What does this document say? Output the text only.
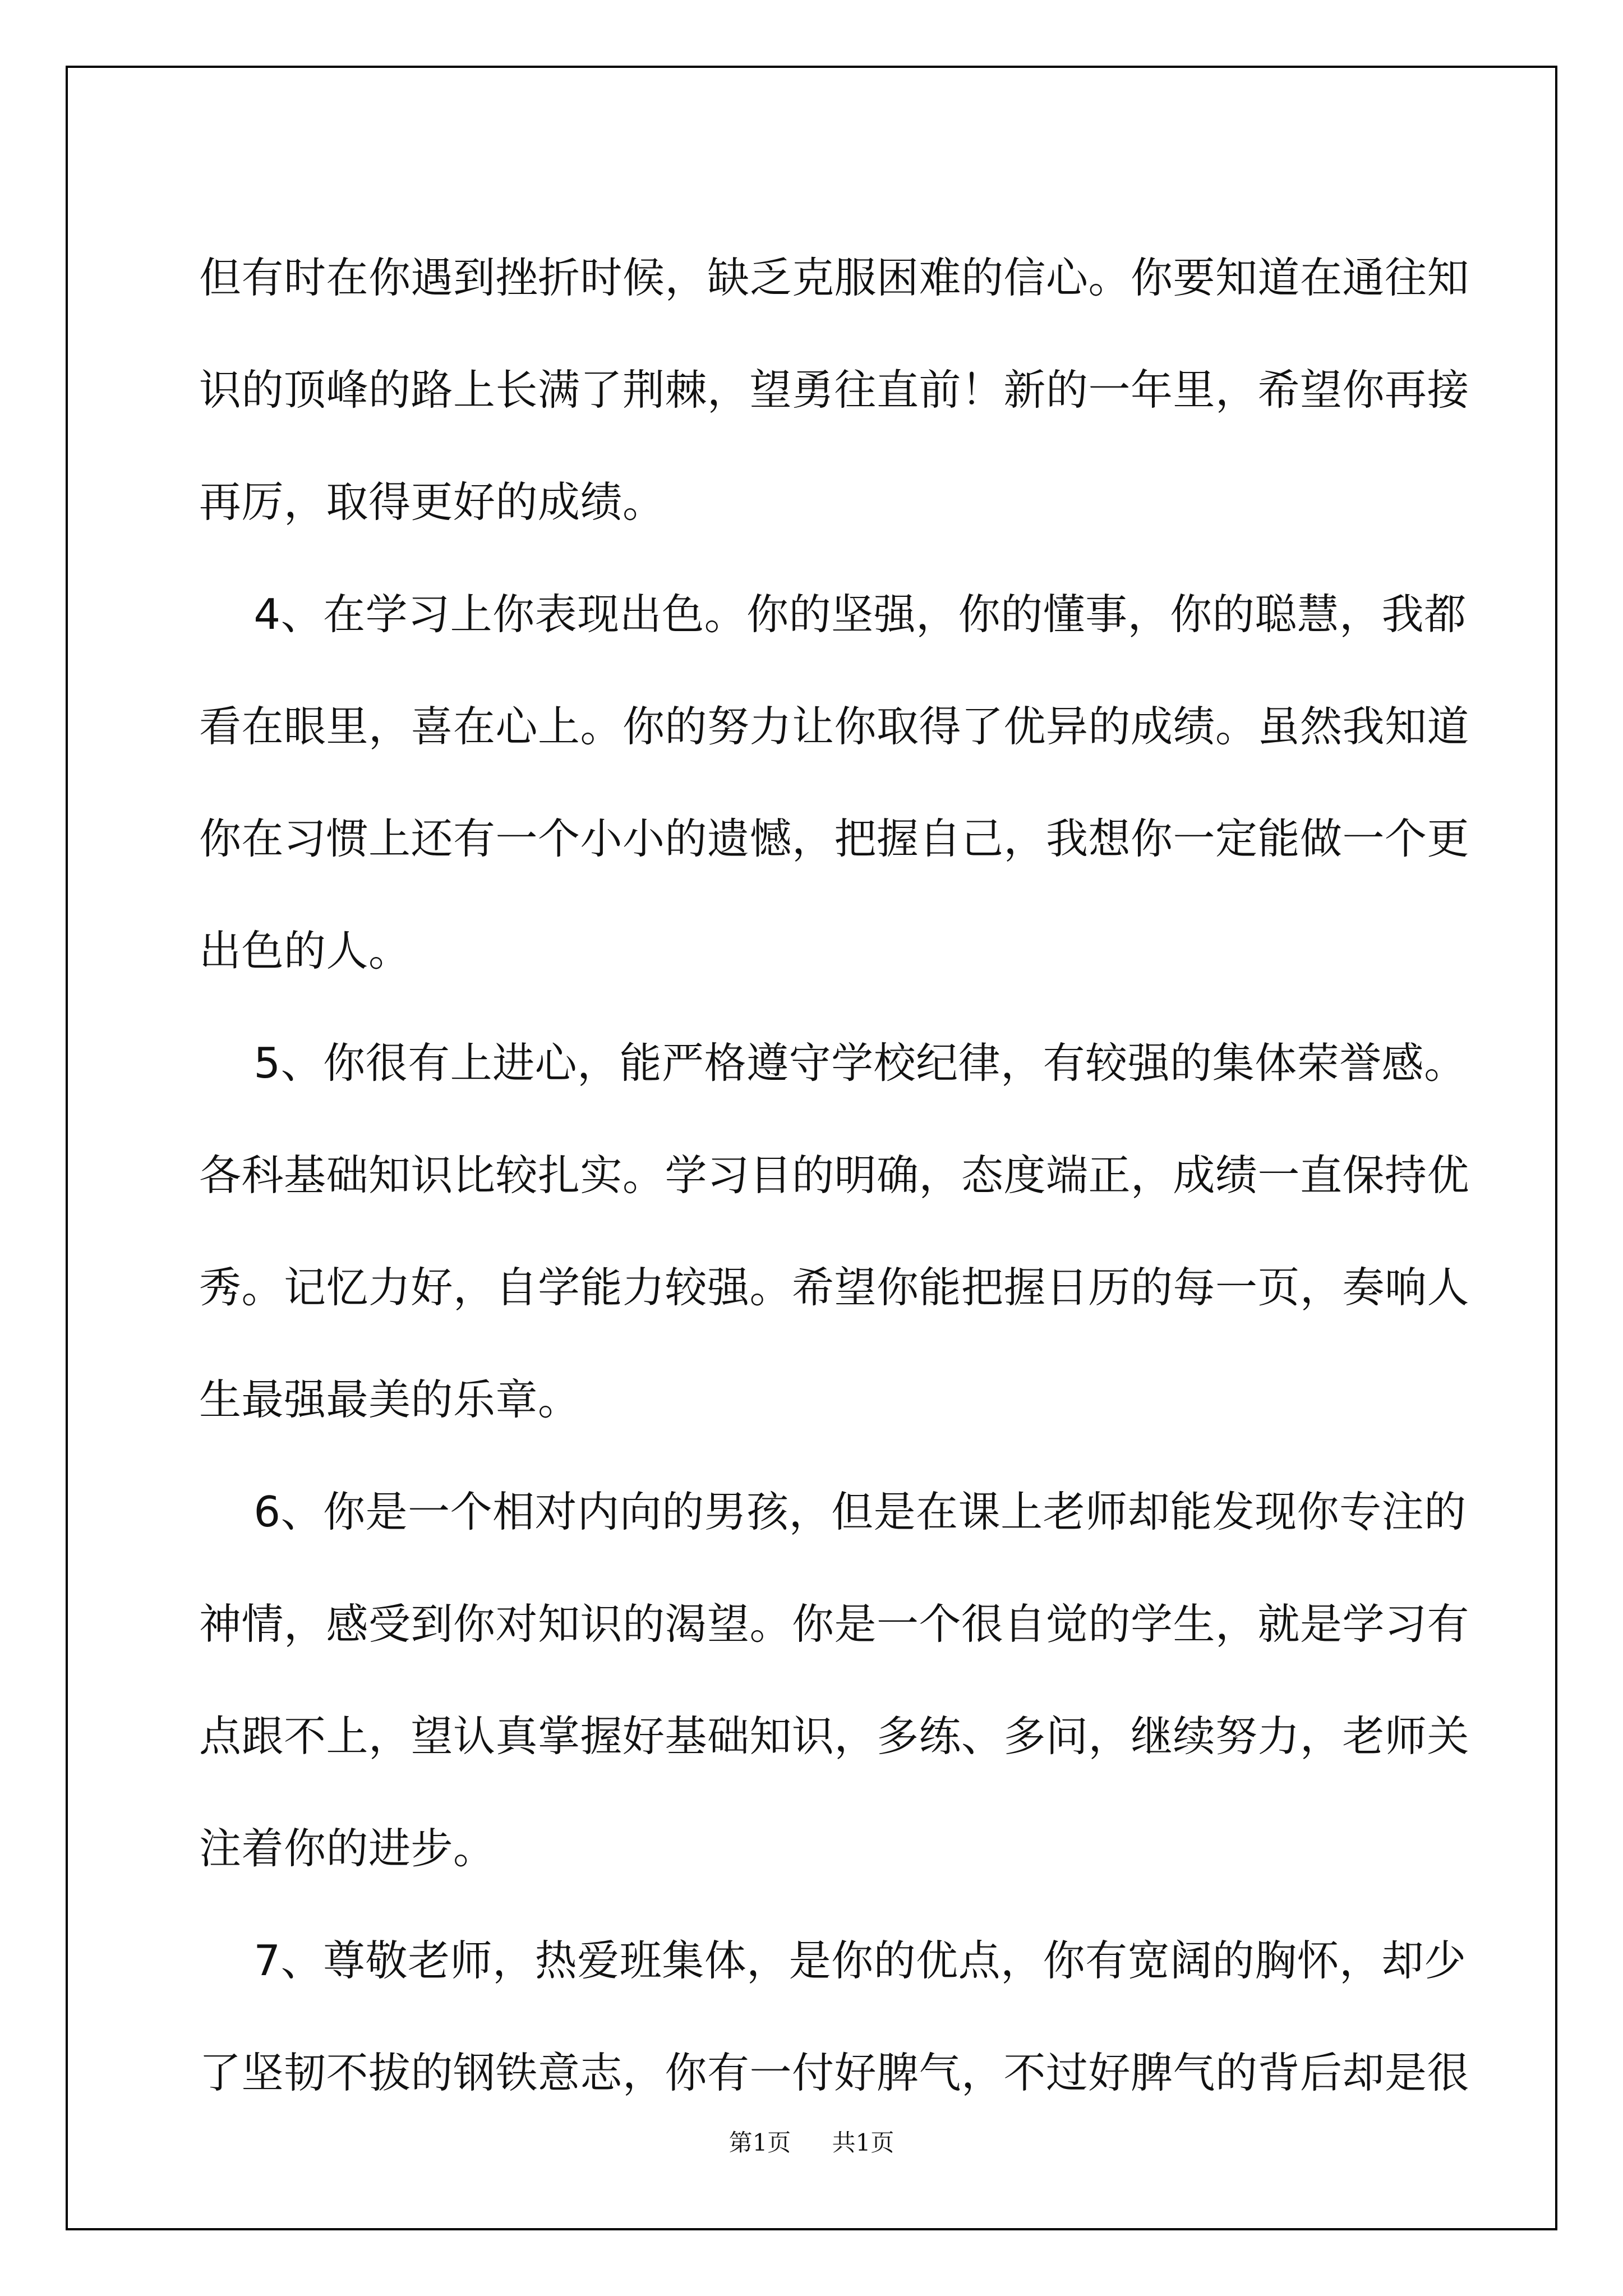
但有时在你遇到挫折时候，缺乏克服困难的信心。你要知道在通往知
识的顶峰的路上长满了荆棘，望勇往直前！新的一年里，希望你再接
再厉，取得更好的成绩。
4、在学习上你表现出色。你的坚强，你的懂事，你的聪慧，我都
看在眼里，喜在心上。你的努力让你取得了优异的成绩。虽然我知道
你在习惯上还有一个小小的遗憾，把握自己，我想你一定能做一个更
出色的人。
5、你很有上进心，能严格遵守学校纪律，有较强的集体荣誉感。
各科基础知识比较扎实。学习目的明确，态度端正，成绩一直保持优
秀。记忆力好，自学能力较强。希望你能把握日历的每一页，奏响人
生最强最美的乐章。
6、你是一个相对内向的男孩，但是在课上老师却能发现你专注的
神情，感受到你对知识的渴望。你是一个很自觉的学生，就是学习有
点跟不上，望认真掌握好基础知识，多练、多问，继续努力，老师关
注着你的进步。
7、尊敬老师，热爱班集体，是你的优点，你有宽阔的胸怀，却少
了坚韧不拔的钢铁意志，你有一付好脾气，不过好脾气的背后却是很
第1页 共1页
